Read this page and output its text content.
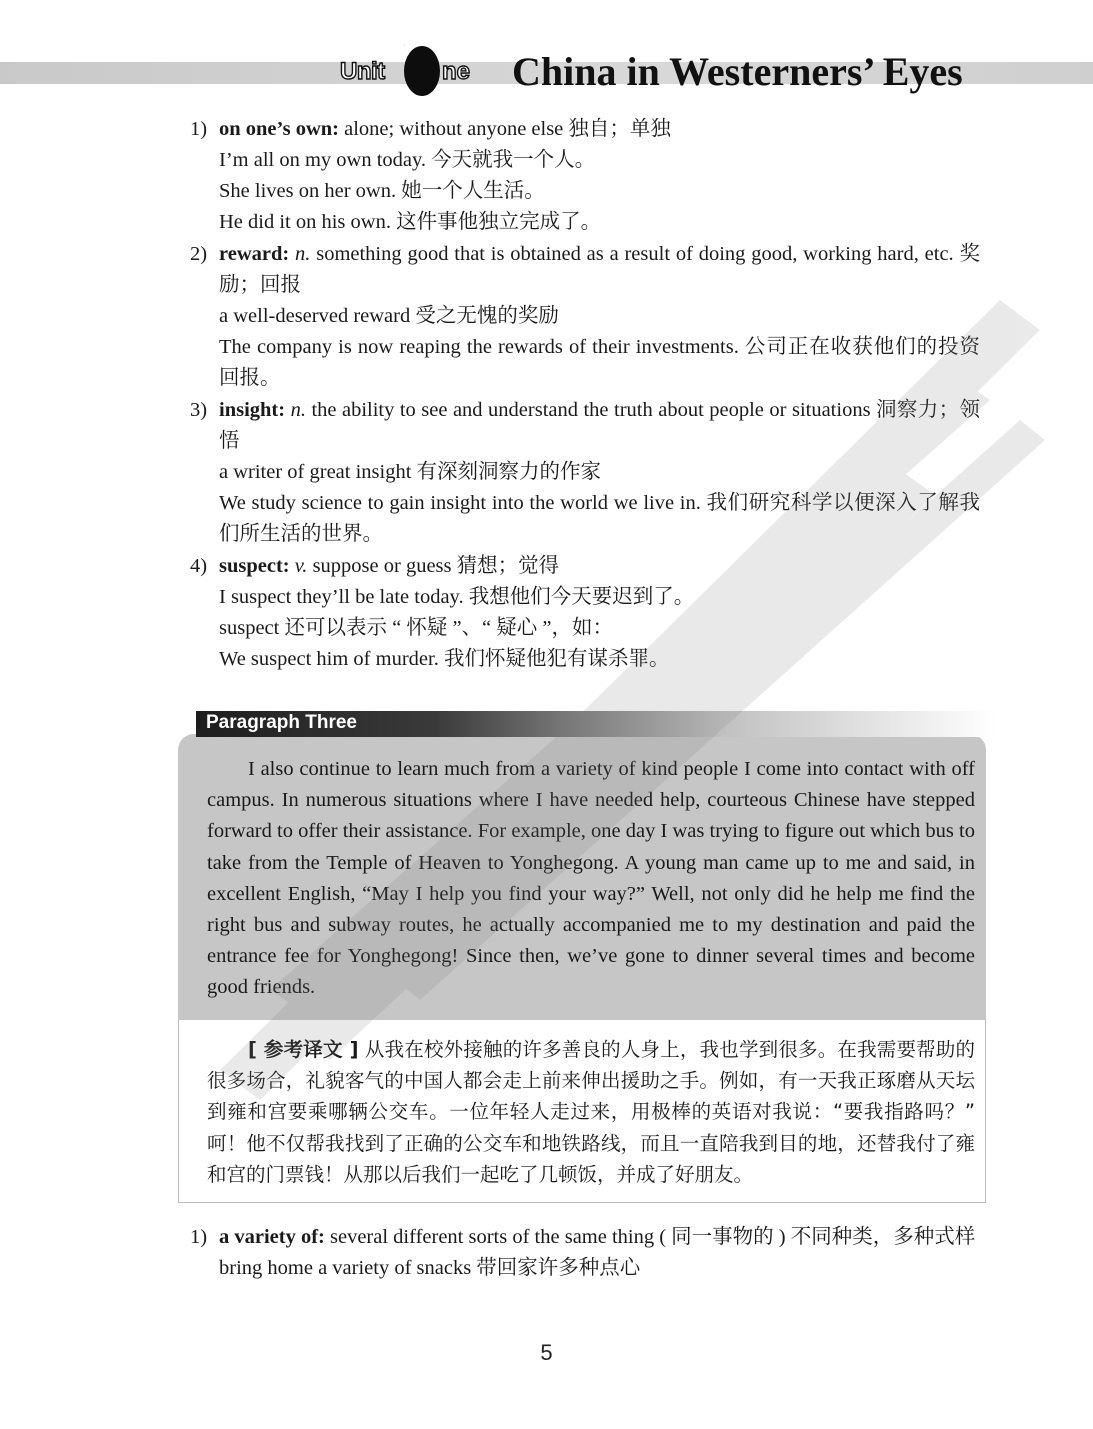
Unit
O
ne China in Westerners’ Eyes
1) on one’s own: alone; without anyone else 独自；单独
I’m all on my own today. 今天就我一个人。
She lives on her own. 她一个人生活。
He did it on his own. 这件事他独立完成了。
2) reward: n. something good that is obtained as a result of doing good, working hard, etc. 奖励；回报
a well-deserved reward 受之无愧的奖励
The company is now reaping the rewards of their investments. 公司正在收获他们的投资回报。
3) insight: n. the ability to see and understand the truth about people or situations 洞察力；领悟
a writer of great insight 有深刻洞察力的作家
We study science to gain insight into the world we live in. 我们研究科学以便深入了解我们所生活的世界。
4) suspect: v. suppose or guess 猜想；觉得
I suspect they’ll be late today. 我想他们今天要迟到了。
suspect 还可以表示 “ 怀疑 ”、“ 疑心 ”，如：
We suspect him of murder. 我们怀疑他犯有谋杀罪。
Paragraph Three
I also continue to learn much from a variety of kind people I come into contact with off campus. In numerous situations where I have needed help, courteous Chinese have stepped forward to offer their assistance. For example, one day I was trying to figure out which bus to take from the Temple of Heaven to Yonghegong. A young man came up to me and said, in excellent English, “May I help you find your way?” Well, not only did he help me find the right bus and subway routes, he actually accompanied me to my destination and paid the entrance fee for Yonghegong! Since then, we’ve gone to dinner several times and become good friends.
[ 参考译文 ] 从我在校外接触的许多善良的人身上，我也学到很多。在我需要帮助的很多场合，礼貌客气的中国人都会走上前来伸出援助之手。例如，有一天我正琢磨从天坛到雍和宫要乘哪辆公交车。一位年轻人走过来，用极棒的英语对我说：“要我指路吗？” 呵！他不仅帮我找到了正确的公交车和地铁路线，而且一直陪我到目的地，还替我付了雍和宫的门票钱！从那以后我们一起吃了几顿饭，并成了好朋友。
1) a variety of: several different sorts of the same thing ( 同一事物的 ) 不同种类，多种式样
bring home a variety of snacks 带回家许多种点心
5
